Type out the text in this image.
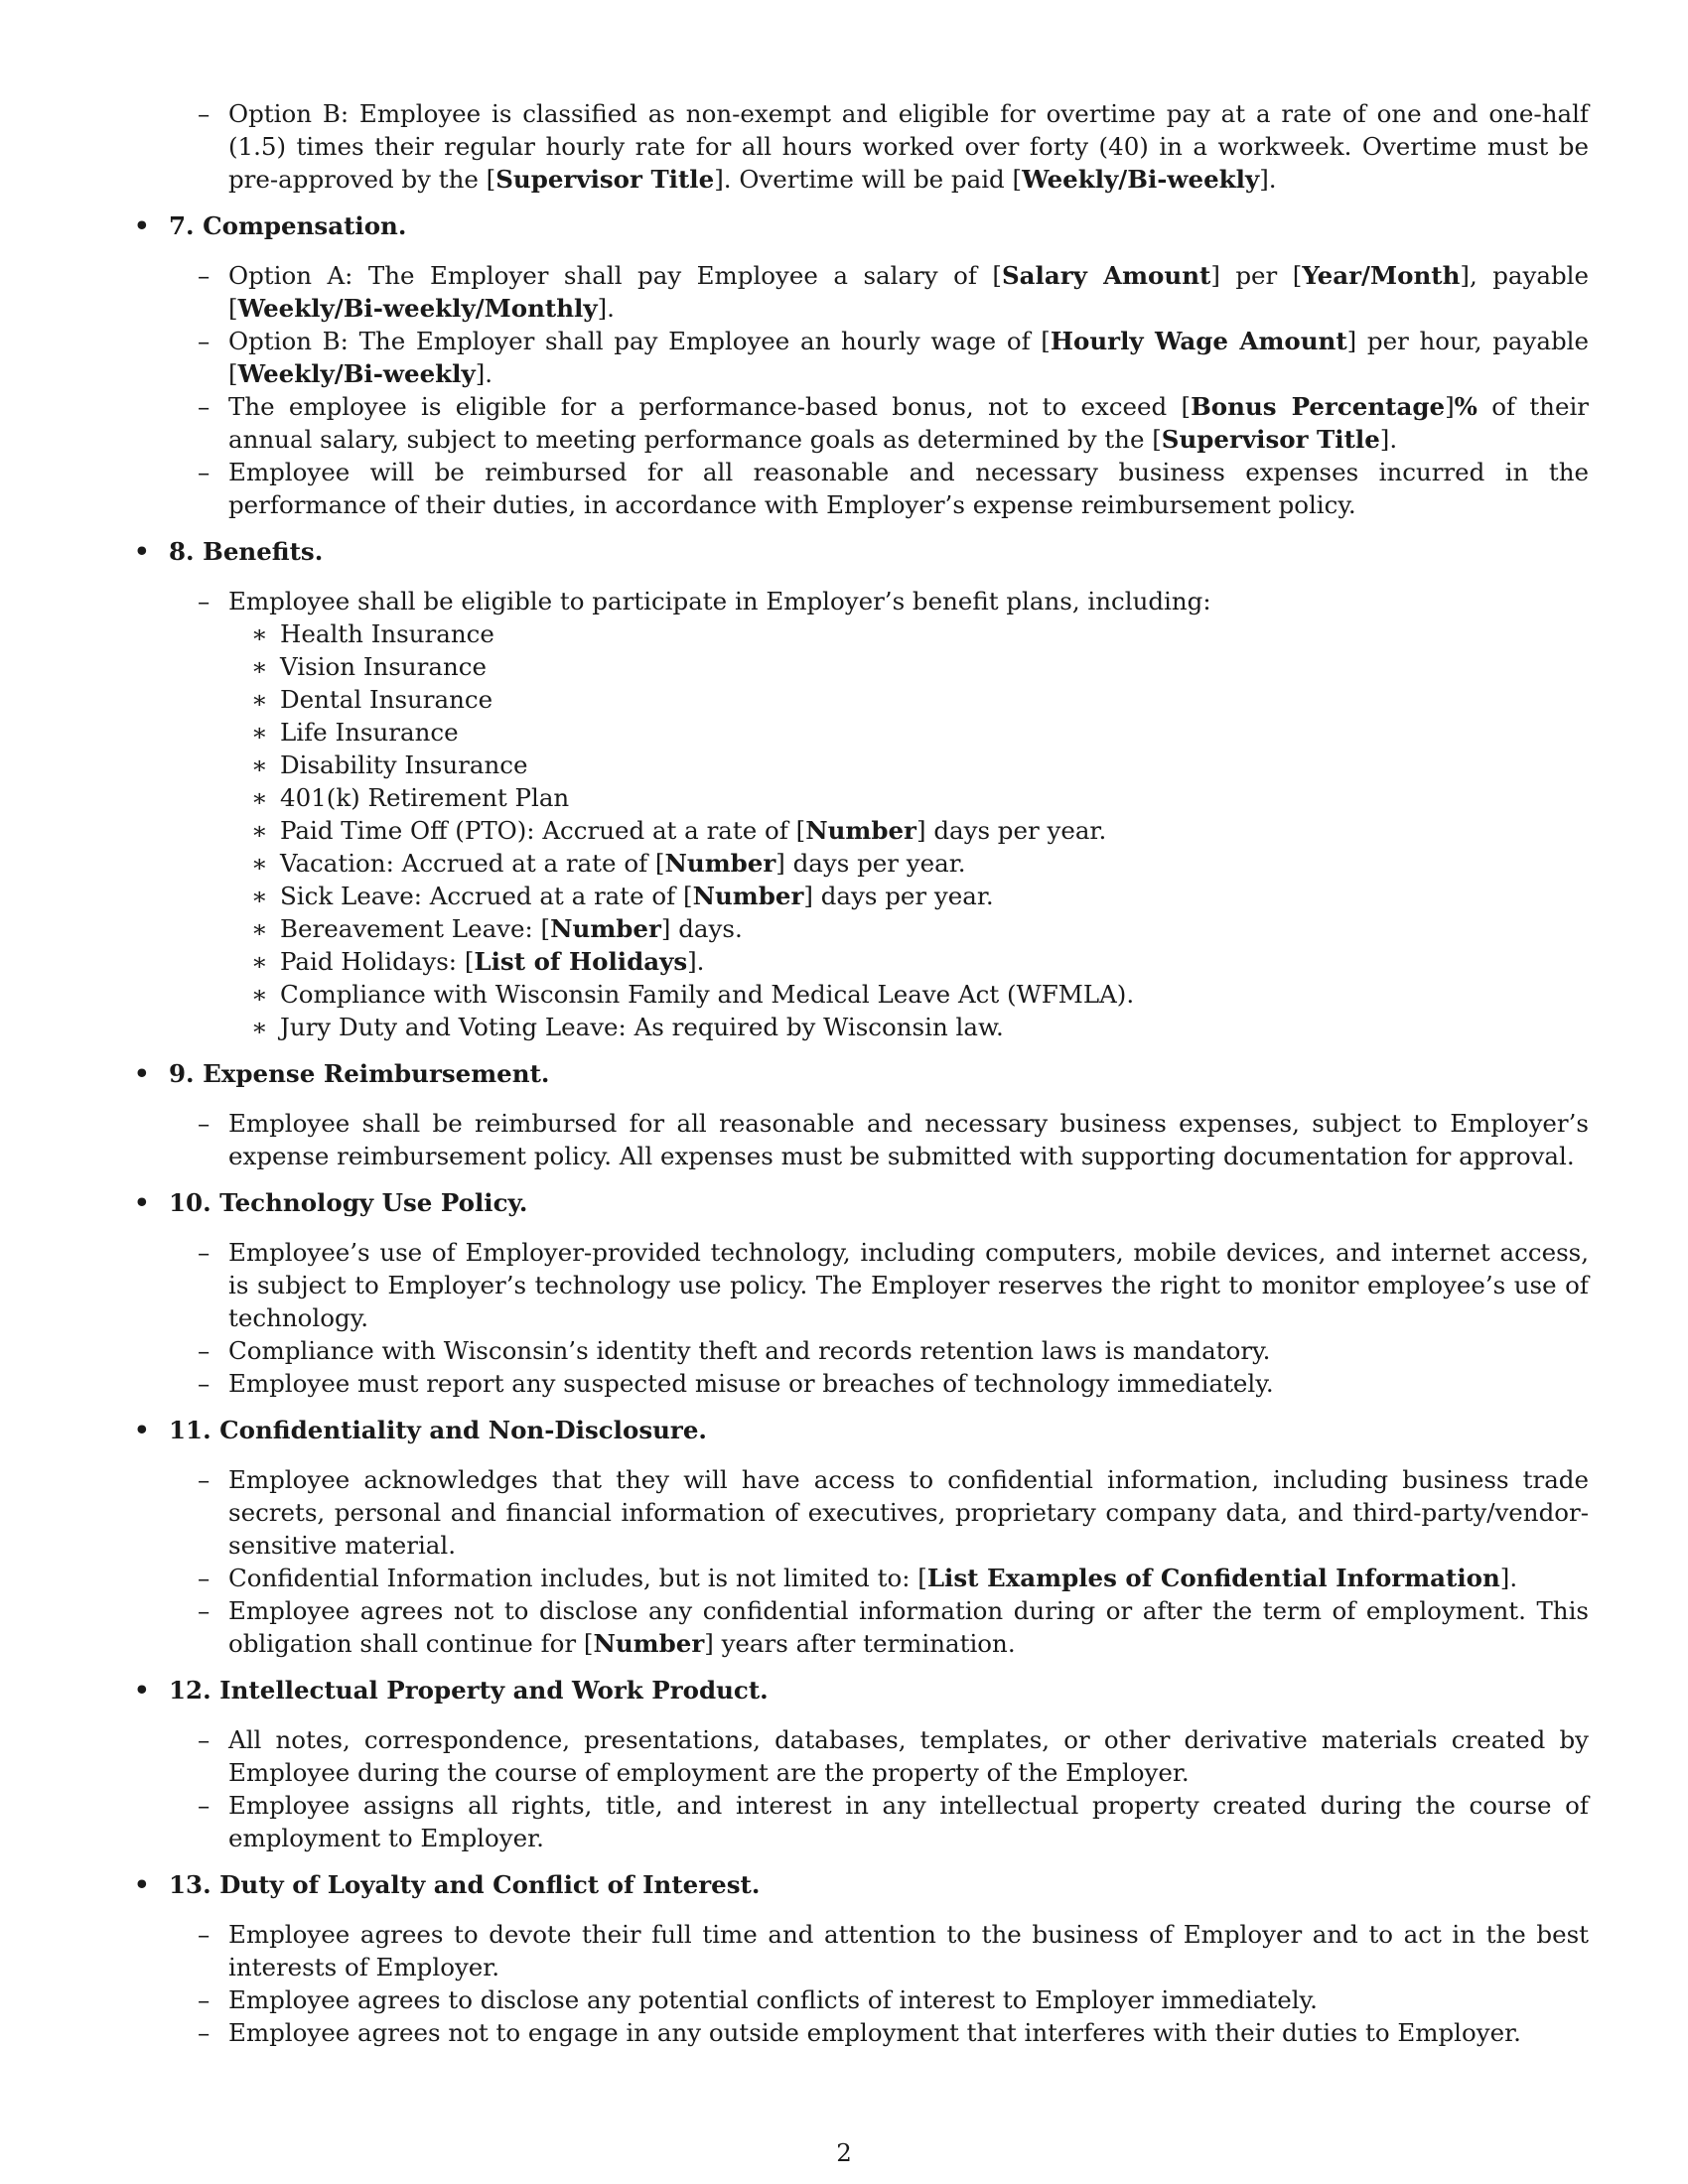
– Option B: Employee is classified as non-exempt and eligible for overtime pay at a rate of one and one-half (1.5) times their regular hourly rate for all hours worked over forty (40) in a workweek. Overtime must be pre-approved by the [Supervisor Title]. Overtime will be paid [Weekly/Bi-weekly].
• 7. Compensation.
– Option A: The Employer shall pay Employee a salary of [Salary Amount] per [Year/Month], payable [Weekly/Bi-weekly/Monthly].
– Option B: The Employer shall pay Employee an hourly wage of [Hourly Wage Amount] per hour, payable [Weekly/Bi-weekly].
– The employee is eligible for a performance-based bonus, not to exceed [Bonus Percentage]% of their annual salary, subject to meeting performance goals as determined by the [Supervisor Title].
– Employee will be reimbursed for all reasonable and necessary business expenses incurred in the performance of their duties, in accordance with Employer’s expense reimbursement policy.
• 8. Benefits.
– Employee shall be eligible to participate in Employer’s benefit plans, including:
∗ Health Insurance
∗ Vision Insurance
∗ Dental Insurance
∗ Life Insurance
∗ Disability Insurance
∗ 401(k) Retirement Plan
∗ Paid Time Off (PTO): Accrued at a rate of [Number] days per year.
∗ Vacation: Accrued at a rate of [Number] days per year.
∗ Sick Leave: Accrued at a rate of [Number] days per year.
∗ Bereavement Leave: [Number] days.
∗ Paid Holidays: [List of Holidays].
∗ Compliance with Wisconsin Family and Medical Leave Act (WFMLA).
∗ Jury Duty and Voting Leave: As required by Wisconsin law.
• 9. Expense Reimbursement.
– Employee shall be reimbursed for all reasonable and necessary business expenses, subject to Employer’s expense reimbursement policy. All expenses must be submitted with supporting documentation for approval.
• 10. Technology Use Policy.
– Employee’s use of Employer-provided technology, including computers, mobile devices, and internet access, is subject to Employer’s technology use policy. The Employer reserves the right to monitor employee’s use of technology.
– Compliance with Wisconsin’s identity theft and records retention laws is mandatory.
– Employee must report any suspected misuse or breaches of technology immediately.
• 11. Confidentiality and Non-Disclosure.
– Employee acknowledges that they will have access to confidential information, including business trade secrets, personal and financial information of executives, proprietary company data, and third-party/vendor-sensitive material.
– Confidential Information includes, but is not limited to: [List Examples of Confidential Information].
– Employee agrees not to disclose any confidential information during or after the term of employment. This obligation shall continue for [Number] years after termination.
• 12. Intellectual Property and Work Product.
– All notes, correspondence, presentations, databases, templates, or other derivative materials created by Employee during the course of employment are the property of the Employer.
– Employee assigns all rights, title, and interest in any intellectual property created during the course of employment to Employer.
• 13. Duty of Loyalty and Conflict of Interest.
– Employee agrees to devote their full time and attention to the business of Employer and to act in the best interests of Employer.
– Employee agrees to disclose any potential conflicts of interest to Employer immediately.
– Employee agrees not to engage in any outside employment that interferes with their duties to Employer.
2
